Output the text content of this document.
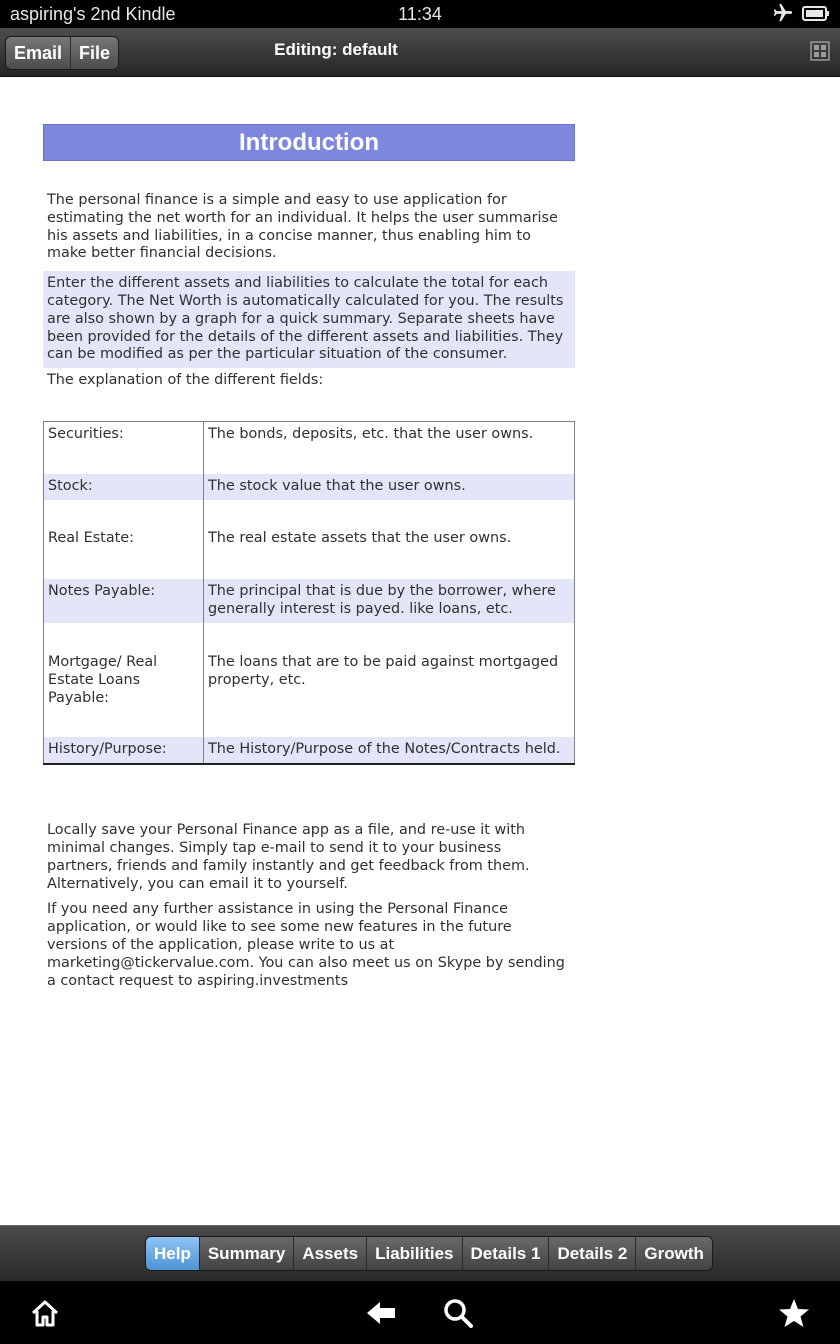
aspiring's 2nd Kindle	11:34
Email File	Editing: default
Introduction

The personal finance is a simple and easy to use application for estimating the net worth for an individual. It helps the user summarise his assets and liabilities, in a concise manner, thus enabling him to make better financial decisions.

Enter the different assets and liabilities to calculate the total for each category. The Net Worth is automatically calculated for you. The results are also shown by a graph for a quick summary. Separate sheets have been provided for the details of the different assets and liabilities. They can be modified as per the particular situation of the consumer.

The explanation of the different fields:

Securities:	The bonds, deposits, etc. that the user owns.
Stock:	The stock value that the user owns.
Real Estate:	The real estate assets that the user owns.
Notes Payable:	The principal that is due by the borrower, where generally interest is payed. like loans, etc.
Mortgage/ Real Estate Loans Payable:	The loans that are to be paid against mortgaged property, etc.
History/Purpose:	The History/Purpose of the Notes/Contracts held.

Locally save your Personal Finance app as a file, and re-use it with minimal changes. Simply tap e-mail to send it to your business partners, friends and family instantly and get feedback from them. Alternatively, you can email it to yourself.

If you need any further assistance in using the Personal Finance application, or would like to see some new features in the future versions of the application, please write to us at marketing@tickervalue.com. You can also meet us on Skype by sending a contact request to aspiring.investments

Help	Summary	Assets	Liabilities	Details 1	Details 2	Growth
